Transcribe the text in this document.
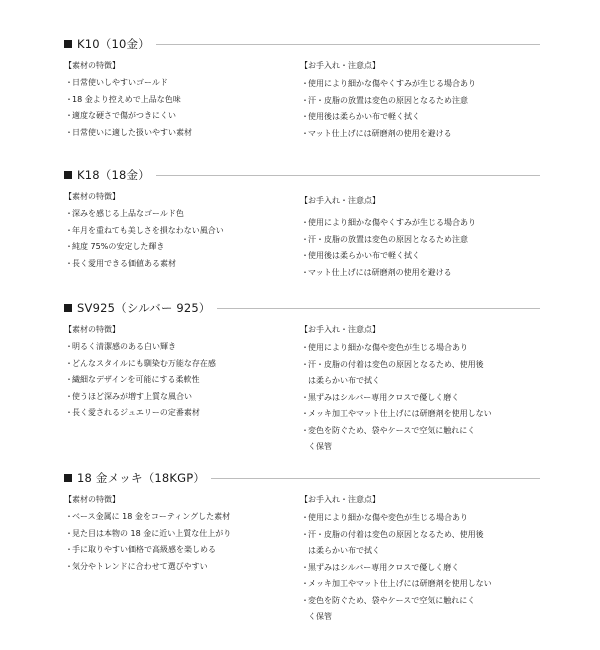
K10（10金）
【素材の特徴】
・ 日常使いしやすいゴールド
・ 18 金より控えめで上品な色味
・ 適度な硬さで傷がつきにくい
・ 日常使いに適した扱いやすい素材
【お手入れ・注意点】
・ 使用により細かな傷やくすみが生じる場合あり
・ 汗・皮脂の放置は変色の原因となるため注意
・ 使用後は柔らかい布で軽く拭く
・ マット仕上げには研磨剤の使用を避ける
K18（18金）
【素材の特徴】
・ 深みを感じる上品なゴールド色
・ 年月を重ねても美しさを損なわない風合い
・ 純度 75%の安定した輝き
・ 長く愛用できる価値ある素材
【お手入れ・注意点】
・ 使用により細かな傷やくすみが生じる場合あり
・ 汗・皮脂の放置は変色の原因となるため注意
・ 使用後は柔らかい布で軽く拭く
・ マット仕上げには研磨剤の使用を避ける
SV925（シルバー 925）
【素材の特徴】
・ 明るく清潔感のある白い輝き
・ どんなスタイルにも馴染む万能な存在感
・ 繊細なデザインを可能にする柔軟性
・ 使うほど深みが増す上質な風合い
・ 長く愛されるジュエリーの定番素材
【お手入れ・注意点】
・ 使用により細かな傷や変色が生じる場合あり
・ 汗・皮脂の付着は変色の原因となるため、使用後
は柔らかい布で拭く
・ 黒ずみはシルバー専用クロスで優しく磨く
・ メッキ加工やマット仕上げには研磨剤を使用しない
・ 変色を防ぐため、袋やケースで空気に触れにく
く保管
18 金メッキ（18KGP）
【素材の特徴】
・ ベース金属に 18 金をコーティングした素材
・ 見た目は本物の 18 金に近い上質な仕上がり
・ 手に取りやすい価格で高級感を楽しめる
・ 気分やトレンドに合わせて選びやすい
【お手入れ・注意点】
・ 使用により細かな傷や変色が生じる場合あり
・ 汗・皮脂の付着は変色の原因となるため、使用後
は柔らかい布で拭く
・ 黒ずみはシルバー専用クロスで優しく磨く
・ メッキ加工やマット仕上げには研磨剤を使用しない
・ 変色を防ぐため、袋やケースで空気に触れにく
く保管
